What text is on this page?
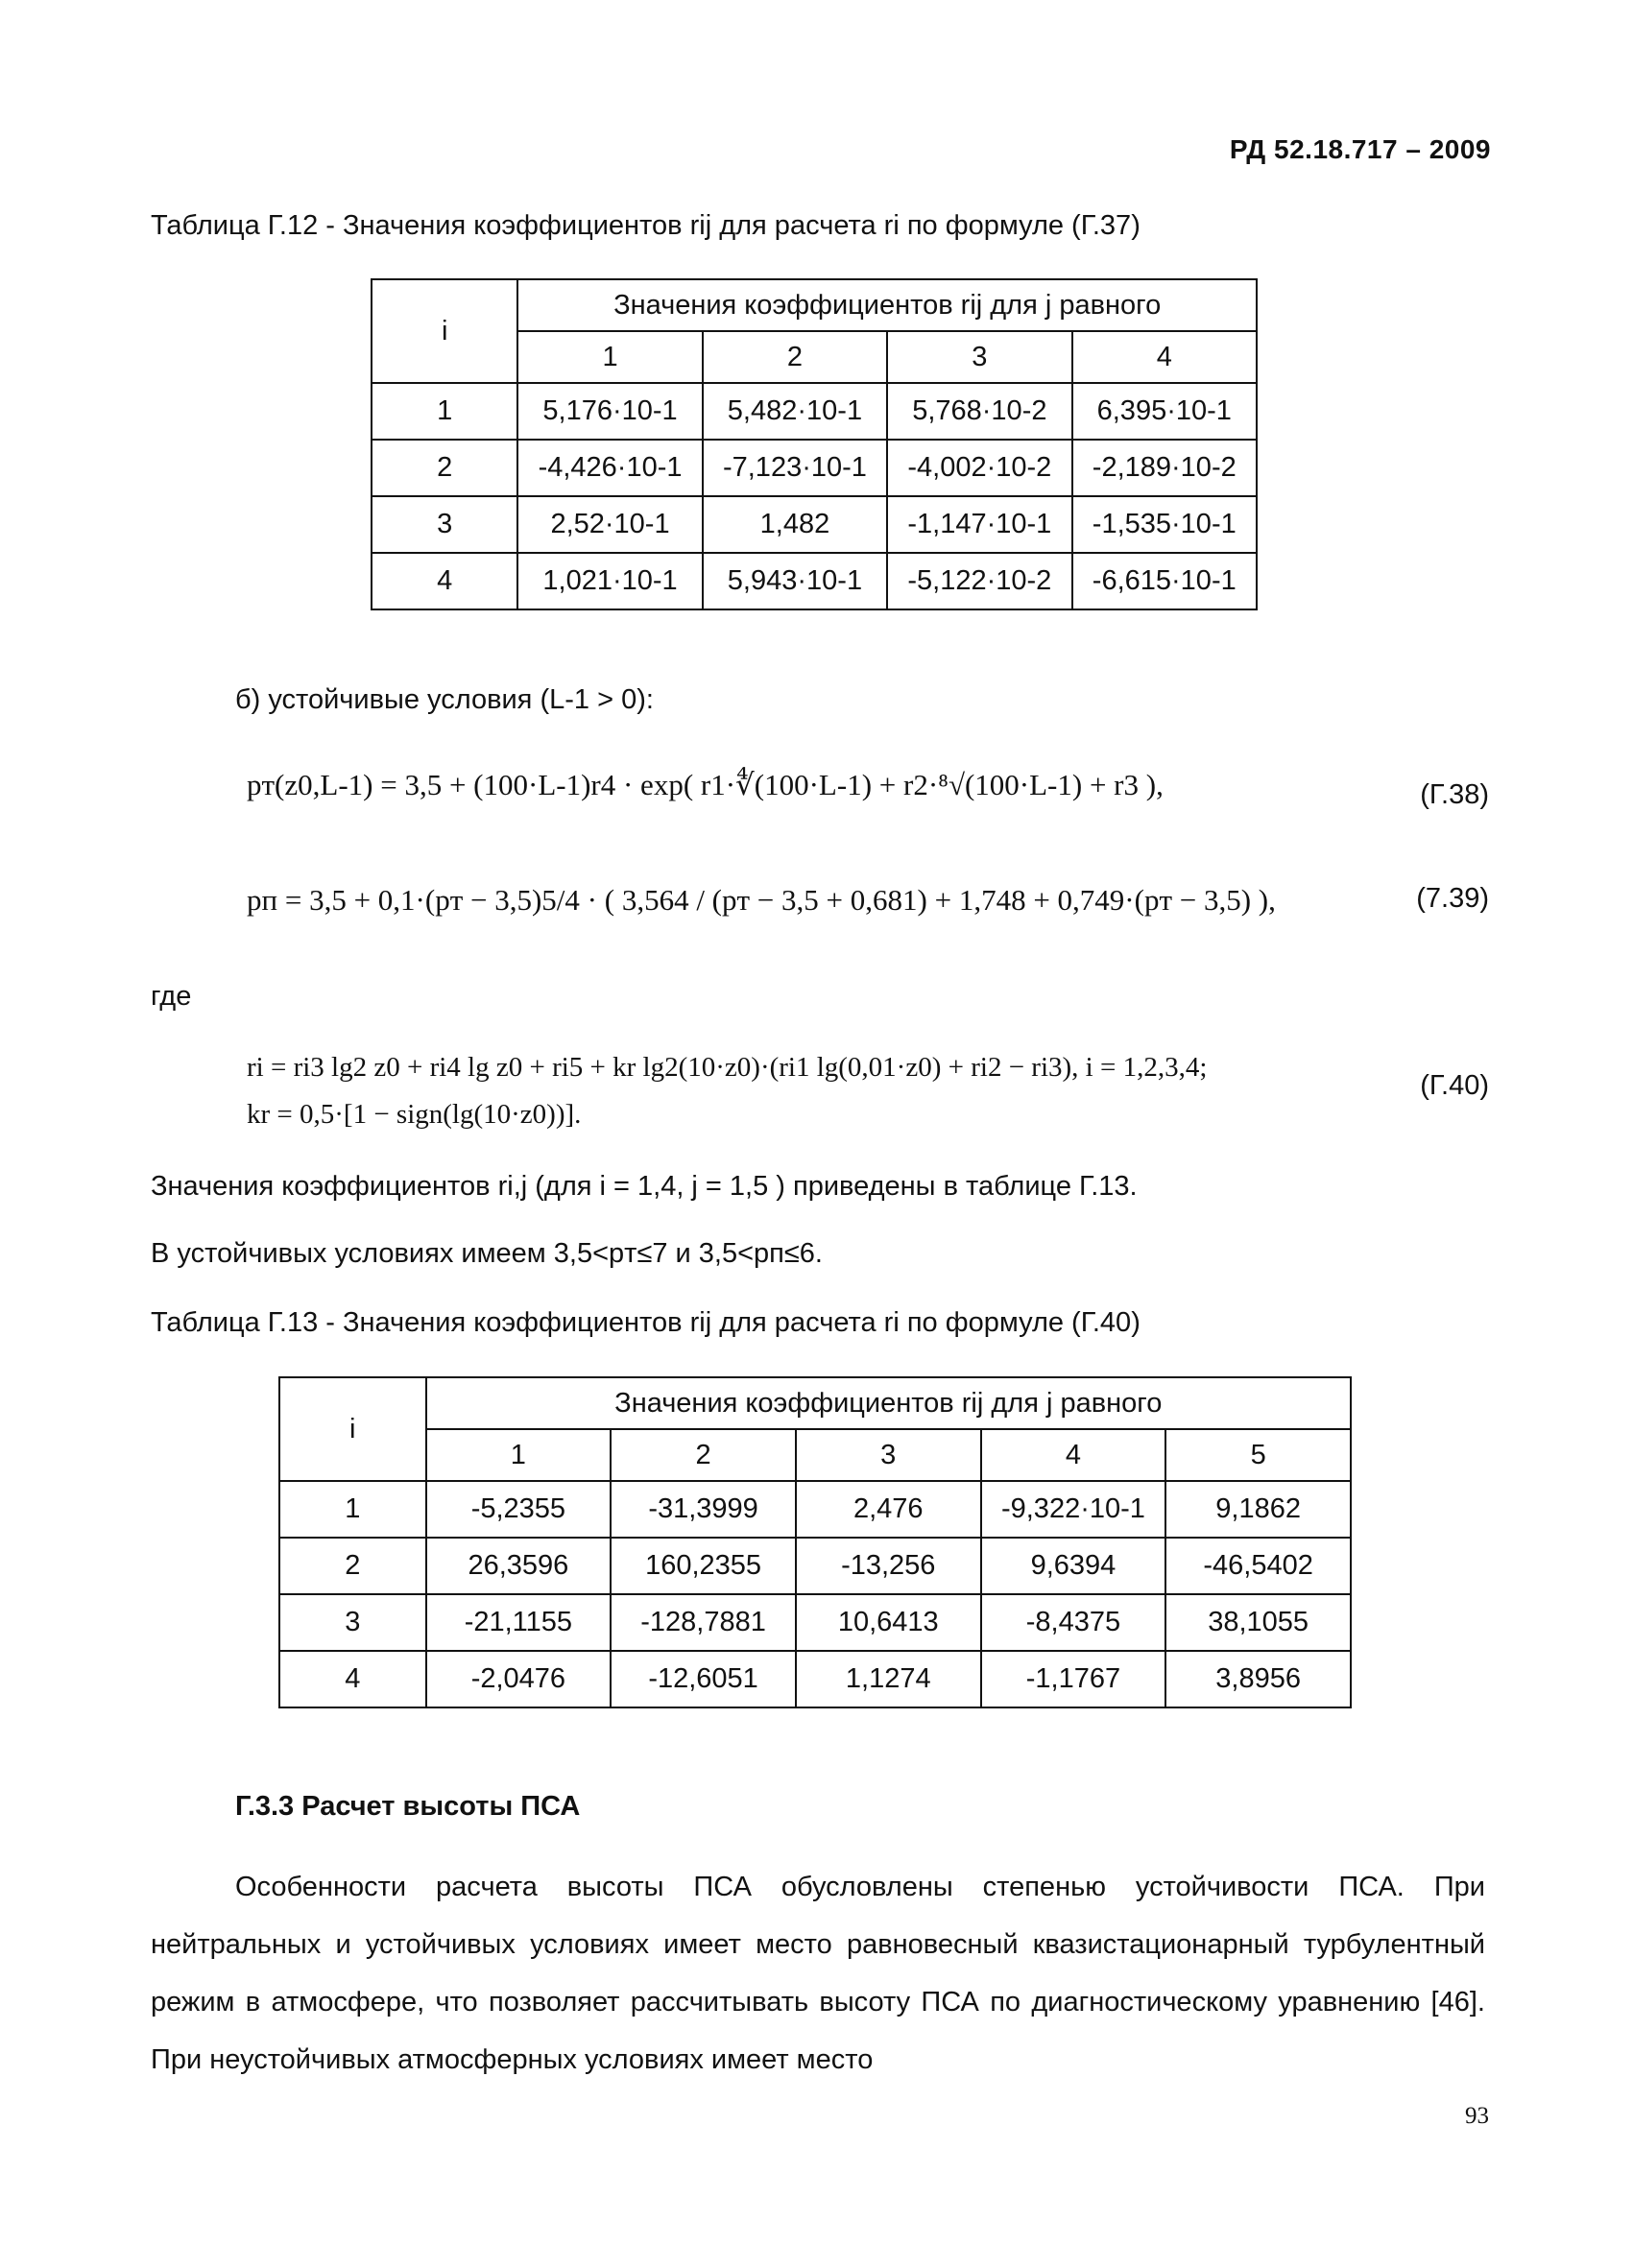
РД 52.18.717 – 2009
Таблица Г.12 - Значения коэффициентов rij для расчета ri по формуле (Г.37)
i	Значения коэффициентов rij для j равного			
	1	2	3	4
1	5,176·10-1	5,482·10-1	5,768·10-2	6,395·10-1
2	-4,426·10-1	-7,123·10-1	-4,002·10-2	-2,189·10-2
3	2,52·10-1	1,482	-1,147·10-1	-1,535·10-1
4	1,021·10-1	5,943·10-1	-5,122·10-2	-6,615·10-1
б) устойчивые условия (L-1 > 0):
pт(z0,L-1) = 3,5 + (100·L-1)r4 · exp( r1·∜(100·L-1) + r2·⁸√(100·L-1) + r3 ),	(Г.38)
pп = 3,5 + 0,1·(pт − 3,5)5/4 · ( 3,564 / (pт − 3,5 + 0,681) + 1,748 + 0,749·(pт − 3,5) ),	(7.39)
где
ri = ri3 lg2 z0 + ri4 lg z0 + ri5 + kr lg2(10·z0)·(ri1 lg(0,01·z0) + ri2 − ri3), i = 1,2,3,4;
kr = 0,5·[1 − sign(lg(10·z0))].
(Г.40)
Значения коэффициентов ri,j (для i = 1,4, j = 1,5 ) приведены в таблице Г.13.
В устойчивых условиях имеем 3,5<pт≤7 и 3,5<pп≤6.
Таблица Г.13 - Значения коэффициентов rij для расчета ri по формуле (Г.40)
i	Значения коэффициентов rij для j равного				
	1	2	3	4	5
1	-5,2355	-31,3999	2,476	-9,322·10-1	9,1862
2	26,3596	160,2355	-13,256	9,6394	-46,5402
3	-21,1155	-128,7881	10,6413	-8,4375	38,1055
4	-2,0476	-12,6051	1,1274	-1,1767	3,8956
Г.3.3 Расчет высоты ПСА
Особенности расчета высоты ПСА обусловлены степенью устойчивости ПСА. При нейтральных и устойчивых условиях имеет место равновесный квазистационарный турбулентный режим в атмосфере, что позволяет рассчитывать высоту ПСА по диагностическому уравнению [46]. При неустойчивых атмосферных условиях имеет место
93
